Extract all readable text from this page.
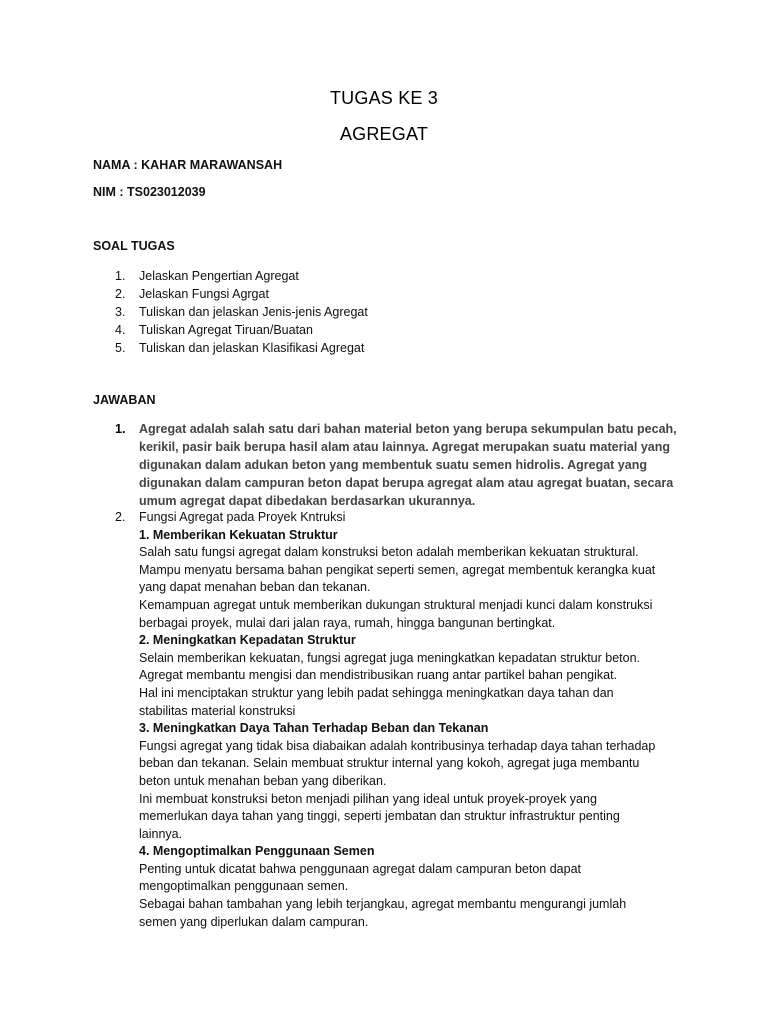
TUGAS KE 3
AGREGAT
NAMA : KAHAR MARAWANSAH
NIM : TS023012039
SOAL TUGAS
1.	Jelaskan Pengertian Agregat
2.	Jelaskan Fungsi Agrgat
3.	Tuliskan dan jelaskan Jenis-jenis Agregat
4.	Tuliskan Agregat Tiruan/Buatan
5.	Tuliskan dan jelaskan Klasifikasi Agregat
JAWABAN
1. Agregat adalah salah satu dari bahan material beton yang berupa sekumpulan batu pecah,
kerikil, pasir baik berupa hasil alam atau lainnya. Agregat merupakan suatu material yang
digunakan dalam adukan beton yang membentuk suatu semen hidrolis. Agregat yang
digunakan dalam campuran beton dapat berupa agregat alam atau agregat buatan, secara
umum agregat dapat dibedakan berdasarkan ukurannya.
2. Fungsi Agregat pada Proyek Kntruksi
1. Memberikan Kekuatan Struktur
Salah satu fungsi agregat dalam konstruksi beton adalah memberikan kekuatan struktural.
Mampu menyatu bersama bahan pengikat seperti semen, agregat membentuk kerangka kuat
yang dapat menahan beban dan tekanan.
Kemampuan agregat untuk memberikan dukungan struktural menjadi kunci dalam konstruksi
berbagai proyek, mulai dari jalan raya, rumah, hingga bangunan bertingkat.
2. Meningkatkan Kepadatan Struktur
Selain memberikan kekuatan, fungsi agregat juga meningkatkan kepadatan struktur beton.
Agregat membantu mengisi dan mendistribusikan ruang antar partikel bahan pengikat.
Hal ini menciptakan struktur yang lebih padat sehingga meningkatkan daya tahan dan
stabilitas material konstruksi
3. Meningkatkan Daya Tahan Terhadap Beban dan Tekanan
Fungsi agregat yang tidak bisa diabaikan adalah kontribusinya terhadap daya tahan terhadap
beban dan tekanan. Selain membuat struktur internal yang kokoh, agregat juga membantu
beton untuk menahan beban yang diberikan.
Ini membuat konstruksi beton menjadi pilihan yang ideal untuk proyek-proyek yang
memerlukan daya tahan yang tinggi, seperti jembatan dan struktur infrastruktur penting
lainnya.
4. Mengoptimalkan Penggunaan Semen
Penting untuk dicatat bahwa penggunaan agregat dalam campuran beton dapat
mengoptimalkan penggunaan semen.
Sebagai bahan tambahan yang lebih terjangkau, agregat membantu mengurangi jumlah
semen yang diperlukan dalam campuran.
